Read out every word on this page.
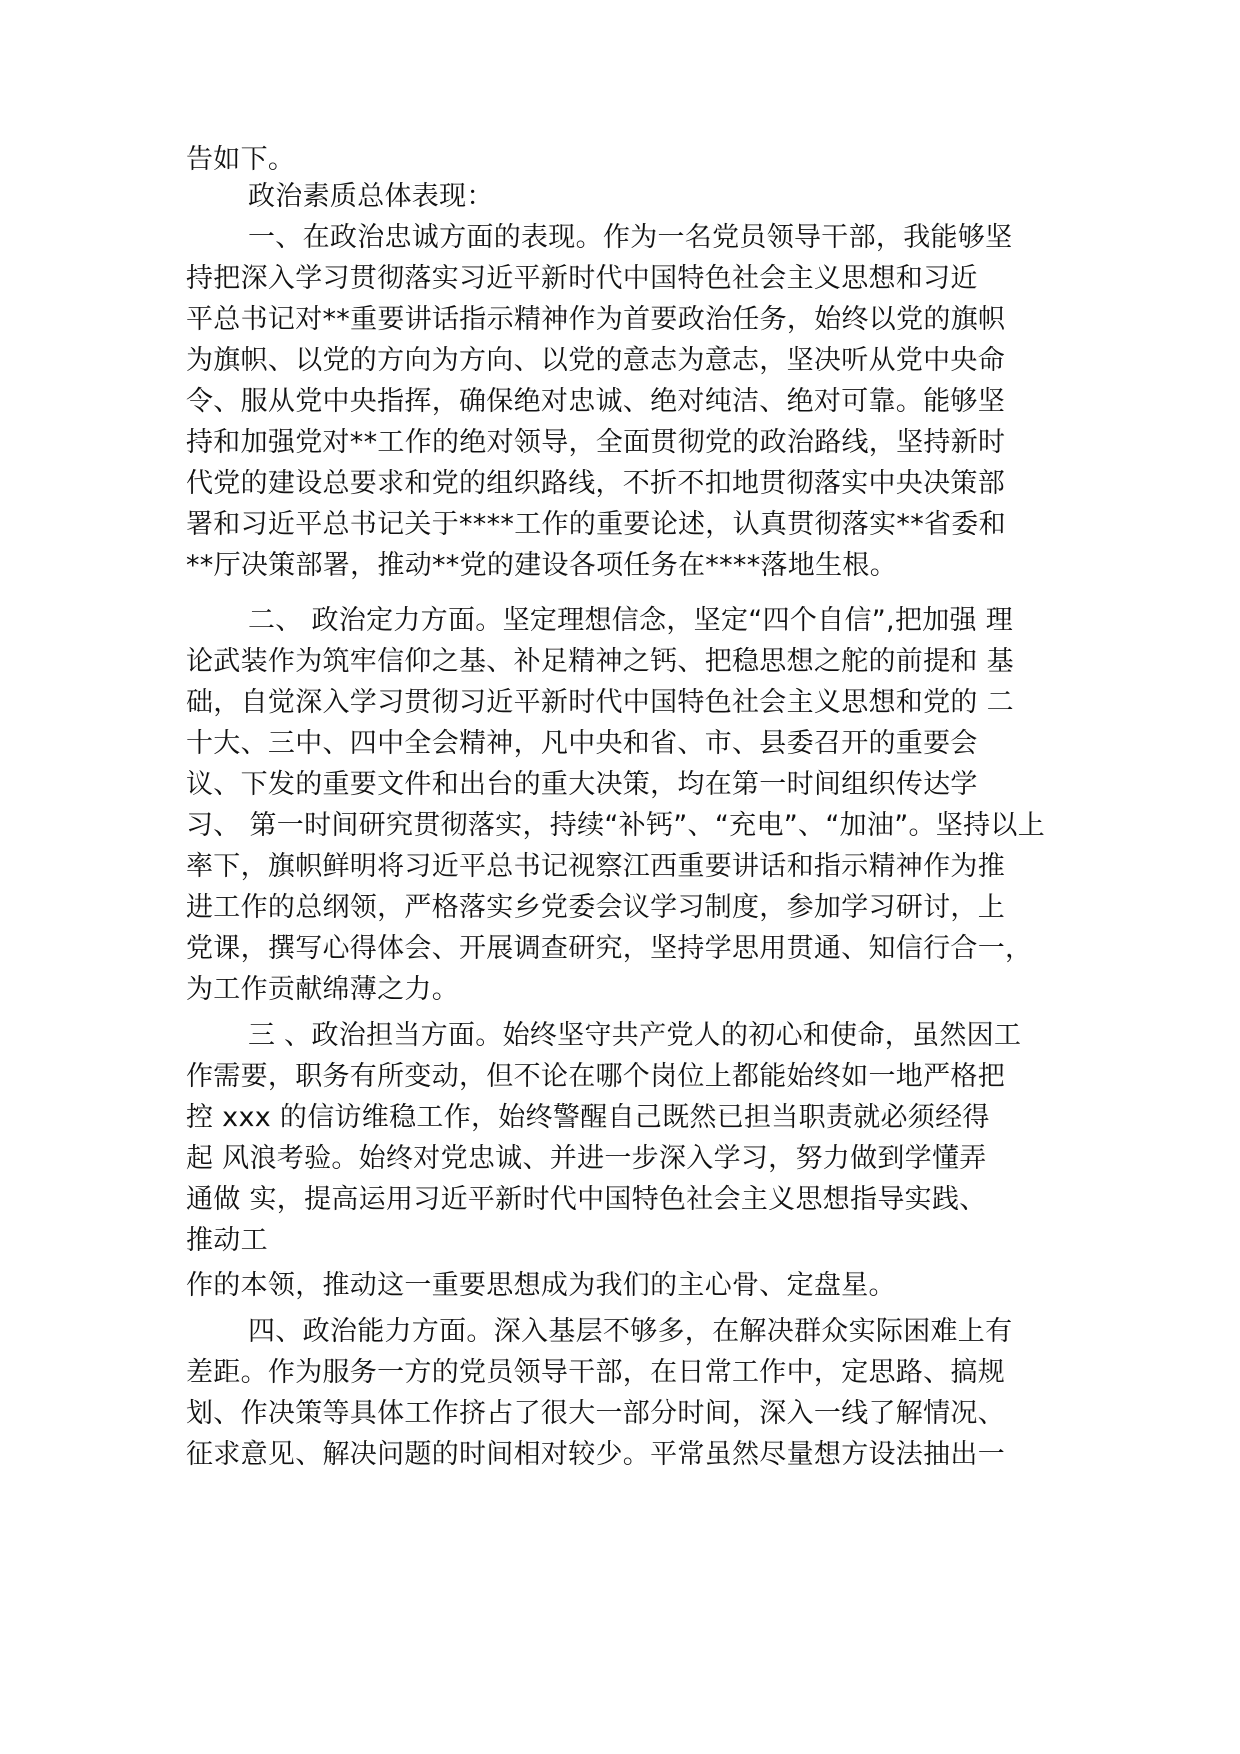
告如下。
政治素质总体表现：
一、在政治忠诚方面的表现。作为一名党员领导干部，我能够坚
持把深入学习贯彻落实习近平新时代中国特色社会主义思想和习近
平总书记对**重要讲话指示精神作为首要政治任务，始终以党的旗帜
为旗帜、以党的方向为方向、以党的意志为意志，坚决听从党中央命
令、服从党中央指挥，确保绝对忠诚、绝对纯洁、绝对可靠。能够坚
持和加强党对**工作的绝对领导，全面贯彻党的政治路线，坚持新时
代党的建设总要求和党的组织路线，不折不扣地贯彻落实中央决策部
署和习近平总书记关于****工作的重要论述，认真贯彻落实**省委和
**厅决策部署，推动**党的建设各项任务在****落地生根。
二、 政治定力方面。坚定理想信念，坚定“四个自信”,把加强 理
论武装作为筑牢信仰之基、补足精神之钙、把稳思想之舵的前提和 基
础，自觉深入学习贯彻习近平新时代中国特色社会主义思想和党的 二
十大、三中、四中全会精神，凡中央和省、市、县委召开的重要会
议、下发的重要文件和出台的重大决策，均在第一时间组织传达学
习、 第一时间研究贯彻落实，持续“补钙”、“充电”、“加油”。坚持以上
率下，旗帜鲜明将习近平总书记视察江西重要讲话和指示精神作为推
进工作的总纲领，严格落实乡党委会议学习制度，参加学习研讨，上
党课，撰写心得体会、开展调查研究，坚持学思用贯通、知信行合一，
为工作贡献绵薄之力。
三 、政治担当方面。始终坚守共产党人的初心和使命，虽然因工
作需要，职务有所变动，但不论在哪个岗位上都能始终如一地严格把
控 xxx 的信访维稳工作，始终警醒自己既然已担当职责就必须经得
起 风浪考验。始终对党忠诚、并进一步深入学习，努力做到学懂弄
通做 实，提高运用习近平新时代中国特色社会主义思想指导实践、
推动工
作的本领，推动这一重要思想成为我们的主心骨、定盘星。
四、政治能力方面。深入基层不够多，在解决群众实际困难上有
差距。作为服务一方的党员领导干部，在日常工作中，定思路、搞规
划、作决策等具体工作挤占了很大一部分时间，深入一线了解情况、
征求意见、解决问题的时间相对较少。平常虽然尽量想方设法抽出一
